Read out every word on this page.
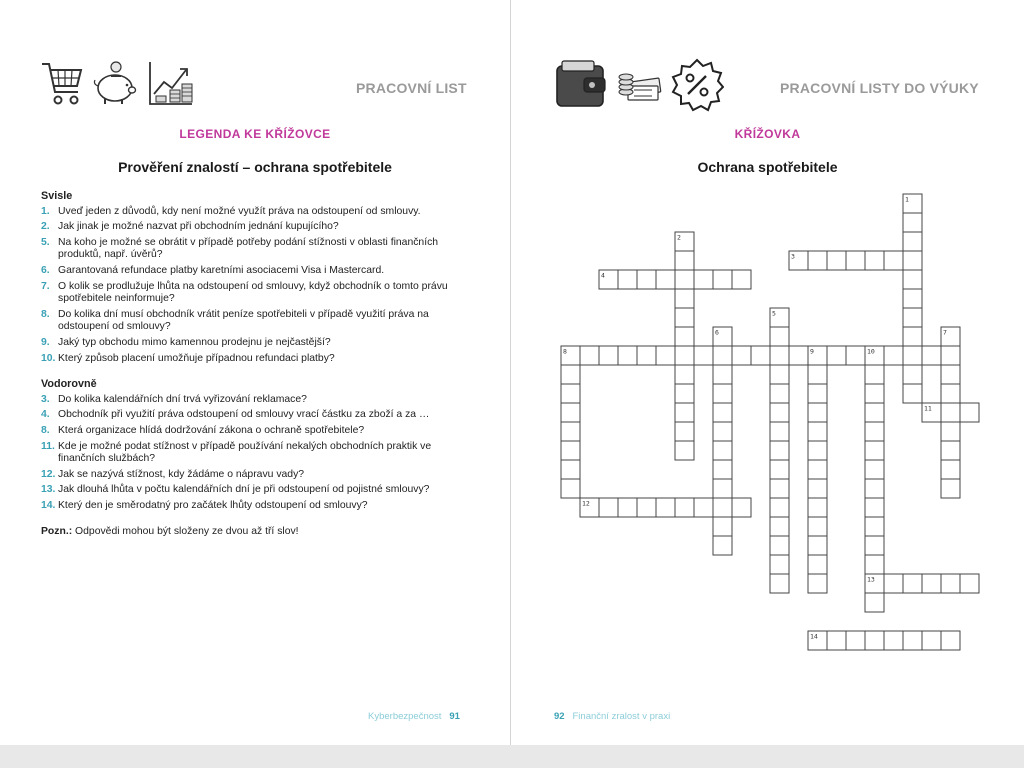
PRACOVNÍ LIST
LEGENDA KE KŘÍŽOVCE
Prověření znalostí – ochrana spotřebitele
Svisle
1. Uveď jeden z důvodů, kdy není možné využít práva na odstoupení od smlouvy.
2. Jak jinak je možné nazvat při obchodním jednání kupujícího?
5. Na koho je možné se obrátit v případě potřeby podání stížnosti v oblasti finančních produktů, např. úvěrů?
6. Garantovaná refundace platby karetními asociacemi Visa i Mastercard.
7. O kolik se prodlužuje lhůta na odstoupení od smlouvy, když obchodník o tomto právu spotřebitele neinformuje?
8. Do kolika dní musí obchodník vrátit peníze spotřebiteli v případě využití práva na odstoupení od smlouvy?
9. Jaký typ obchodu mimo kamennou prodejnu je nejčastější?
10. Který způsob placení umožňuje případnou refundaci platby?
Vodorovně
3. Do kolika kalendářních dní trvá vyřizování reklamace?
4. Obchodník při využití práva odstoupení od smlouvy vrací částku za zboží a za …
8. Která organizace hlídá dodržování zákona o ochraně spotřebitele?
11. Kde je možné podat stížnost v případě používání nekalých obchodních praktik ve finančních službách?
12. Jak se nazývá stížnost, kdy žádáme o nápravu vady?
13. Jak dlouhá lhůta v počtu kalendářních dní je při odstoupení od pojistné smlouvy?
14. Který den je směrodatný pro začátek lhůty odstoupení od smlouvy?
Pozn.: Odpovědi mohou být složeny ze dvou až tří slov!
Kyberbezpečnost 91
PRACOVNÍ LISTY DO VÝUKY
KŘÍŽOVKA
Ochrana spotřebitele
92 Finanční zralost v praxi
1
2
3
4
5
6	7
8	9	10
11
12
13
14
